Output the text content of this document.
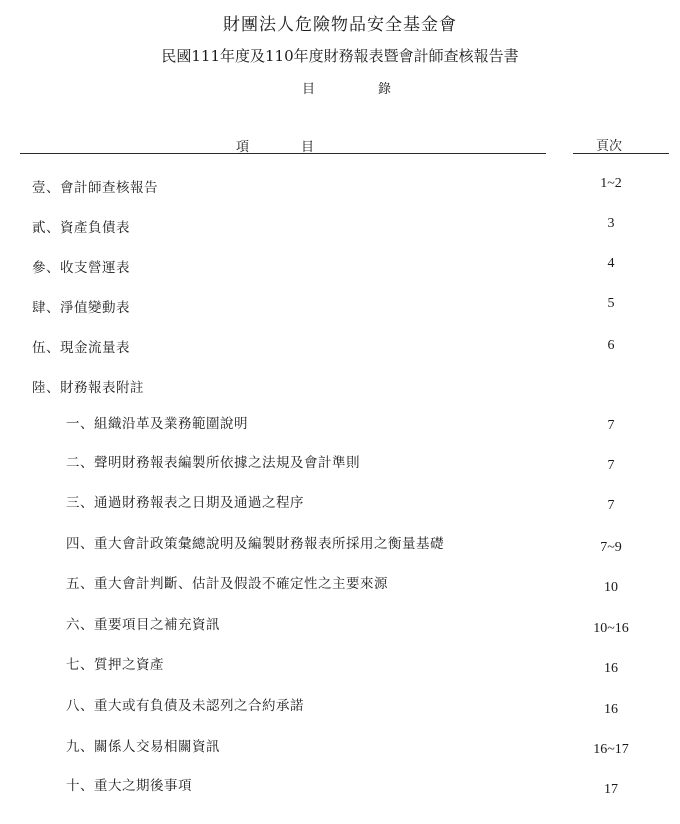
財團法人危險物品安全基金會
民國111年度及110年度財務報表暨會計師查核報告書
目	錄
項　　　　目	頁次
壹、會計師查核報告	1~2
貳、資產負債表	3
參、收支營運表	4
肆、淨值變動表	5
伍、現金流量表	6
陸、財務報表附註
一、組織沿革及業務範圍說明	7
二、聲明財務報表編製所依據之法規及會計準則	7
三、通過財務報表之日期及通過之程序	7
四、重大會計政策彙總說明及編製財務報表所採用之衡量基礎	7~9
五、重大會計判斷、估計及假設不確定性之主要來源	10
六、重要項目之補充資訊	10~16
七、質押之資產	16
八、重大或有負債及未認列之合約承諾	16
九、關係人交易相關資訊	16~17
十、重大之期後事項	17
